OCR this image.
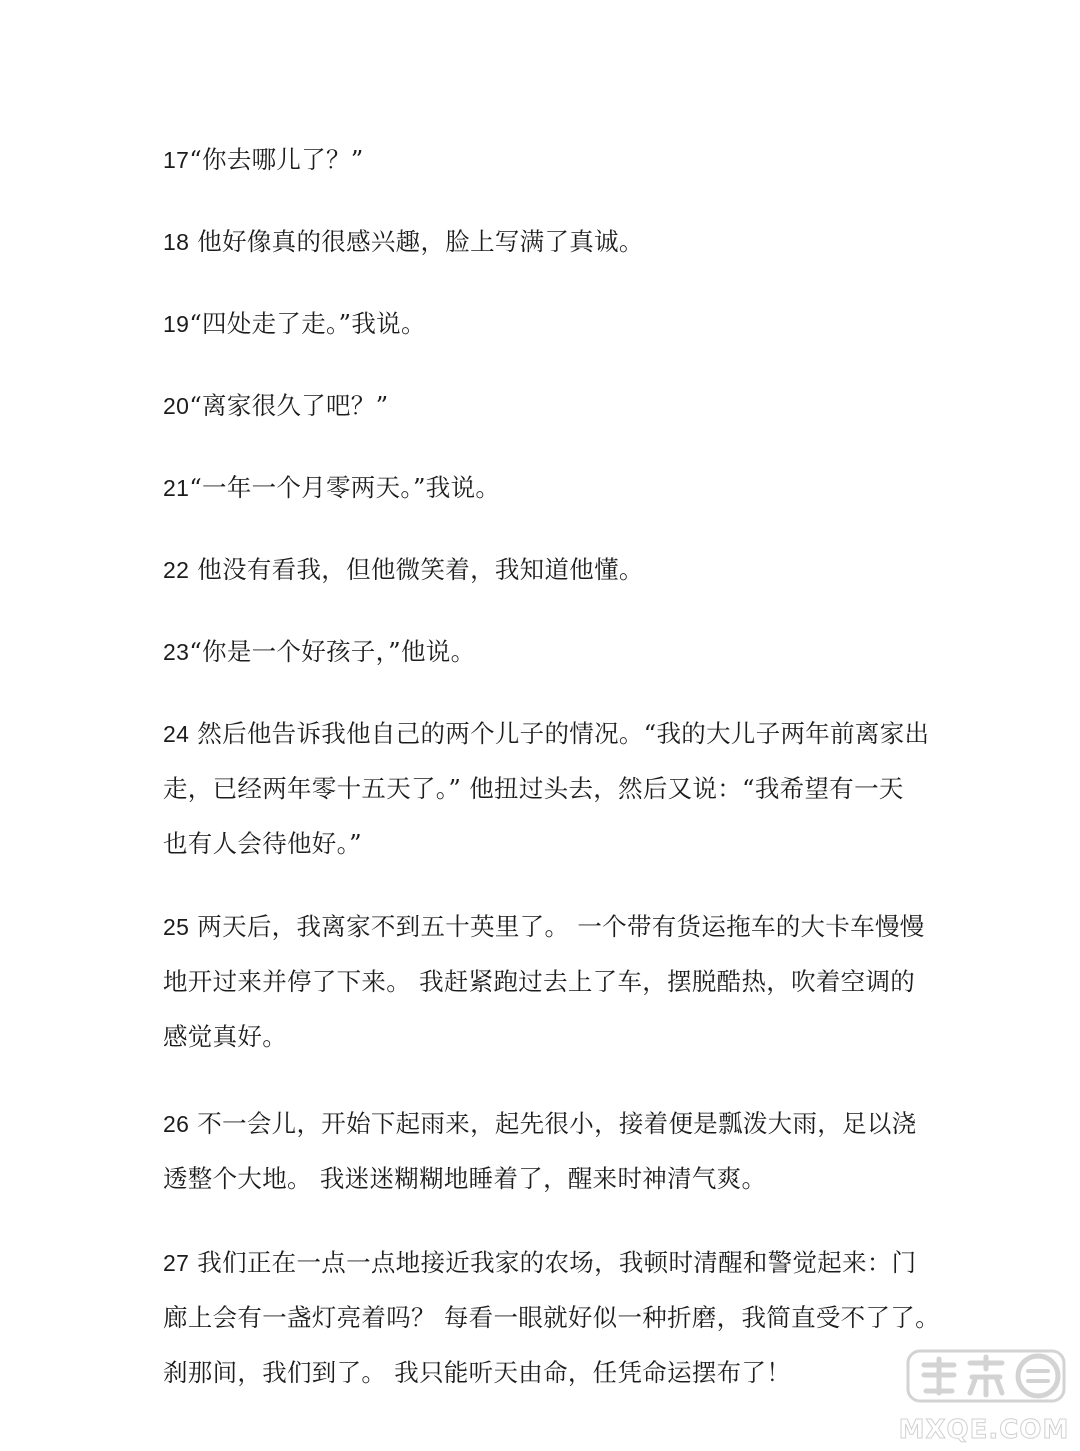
17“你去哪儿了？”
18 他好像真的很感兴趣，脸上写满了真诚。
19“四处走了走。”我说。
20“离家很久了吧？”
21“一年一个月零两天。”我说。
22 他没有看我，但他微笑着，我知道他懂。
23“你是一个好孩子，”他说。
24 然后他告诉我他自己的两个儿子的情况。“我的大儿子两年前离家出
走，已经两年零十五天了。” 他扭过头去，然后又说：“我希望有一天
也有人会待他好。”
25 两天后，我离家不到五十英里了。 一个带有货运拖车的大卡车慢慢
地开过来并停了下来。 我赶紧跑过去上了车，摆脱酷热，吹着空调的
感觉真好。
26 不一会儿，开始下起雨来，起先很小，接着便是瓢泼大雨，足以浇
透整个大地。 我迷迷糊糊地睡着了，醒来时神清气爽。
27 我们正在一点一点地接近我家的农场，我顿时清醒和警觉起来：门
廊上会有一盏灯亮着吗？ 每看一眼就好似一种折磨，我简直受不了了。
刹那间，我们到了。 我只能听天由命，任凭命运摆布了！
MXQE.COM
